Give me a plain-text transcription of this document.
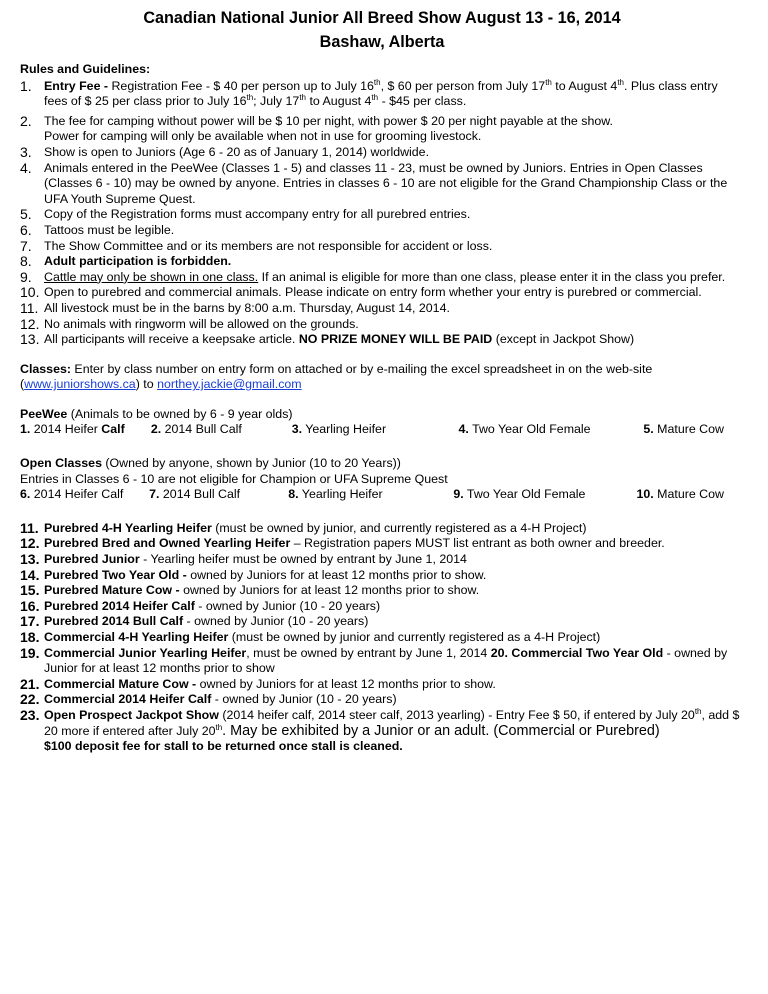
Canadian National Junior All Breed Show August 13 - 16, 2014
Bashaw, Alberta
Rules and Guidelines:
1. Entry Fee - Registration Fee - $ 40 per person up to July 16th, $ 60 per person from July 17th to August 4th. Plus class entry fees of $ 25 per class prior to July 16th; July 17th to August 4th - $45 per class.
2. The fee for camping without power will be $ 10 per night, with power $ 20 per night payable at the show.
Power for camping will only be available when not in use for grooming livestock.
3. Show is open to Juniors (Age 6 - 20 as of January 1, 2014) worldwide.
4. Animals entered in the PeeWee (Classes 1 - 5) and classes 11 - 23, must be owned by Juniors. Entries in Open Classes (Classes 6 - 10) may be owned by anyone. Entries in classes 6 - 10 are not eligible for the Grand Championship Class or the UFA Youth Supreme Quest.
5. Copy of the Registration forms must accompany entry for all purebred entries.
6. Tattoos must be legible.
7. The Show Committee and or its members are not responsible for accident or loss.
8. Adult participation is forbidden.
9. Cattle may only be shown in one class. If an animal is eligible for more than one class, please enter it in the class you prefer.
10. Open to purebred and commercial animals. Please indicate on entry form whether your entry is purebred or commercial.
11. All livestock must be in the barns by 8:00 a.m. Thursday, August 14, 2014.
12. No animals with ringworm will be allowed on the grounds.
13. All participants will receive a keepsake article. NO PRIZE MONEY WILL BE PAID (except in Jackpot Show)
Classes: Enter by class number on entry form on attached or by e-mailing the excel spreadsheet in on the web-site (www.juniorshows.ca) to northey.jackie@gmail.com
PeeWee (Animals to be owned by 6 - 9 year olds)
1. 2014 Heifer Calf	2. 2014 Bull Calf	3. Yearling Heifer	4. Two Year Old Female	5. Mature Cow
Open Classes (Owned by anyone, shown by Junior (10 to 20 Years))
Entries in Classes 6 - 10 are not eligible for Champion or UFA Supreme Quest
6. 2014 Heifer Calf	7. 2014 Bull Calf	8. Yearling Heifer	9. Two Year Old Female	10. Mature Cow
11. Purebred 4-H Yearling Heifer (must be owned by junior, and currently registered as a 4-H Project)
12. Purebred Bred and Owned Yearling Heifer – Registration papers MUST list entrant as both owner and breeder.
13. Purebred Junior - Yearling heifer must be owned by entrant by June 1, 2014
14. Purebred Two Year Old - owned by Juniors for at least 12 months prior to show.
15. Purebred Mature Cow - owned by Juniors for at least 12 months prior to show.
16. Purebred 2014 Heifer Calf - owned by Junior (10 - 20 years)
17. Purebred 2014 Bull Calf - owned by Junior (10 - 20 years)
18. Commercial 4-H Yearling Heifer (must be owned by junior and currently registered as a 4-H Project)
19. Commercial Junior Yearling Heifer, must be owned by entrant by June 1, 2014 20. Commercial Two Year Old - owned by Junior for at least 12 months prior to show
21. Commercial Mature Cow - owned by Juniors for at least 12 months prior to show.
22. Commercial 2014 Heifer Calf - owned by Junior (10 - 20 years)
23. Open Prospect Jackpot Show (2014 heifer calf, 2014 steer calf, 2013 yearling) - Entry Fee $ 50, if entered by July 20th, add $ 20 more if entered after July 20th. May be exhibited by a Junior or an adult. (Commercial or Purebred)
$100 deposit fee for stall to be returned once stall is cleaned.
